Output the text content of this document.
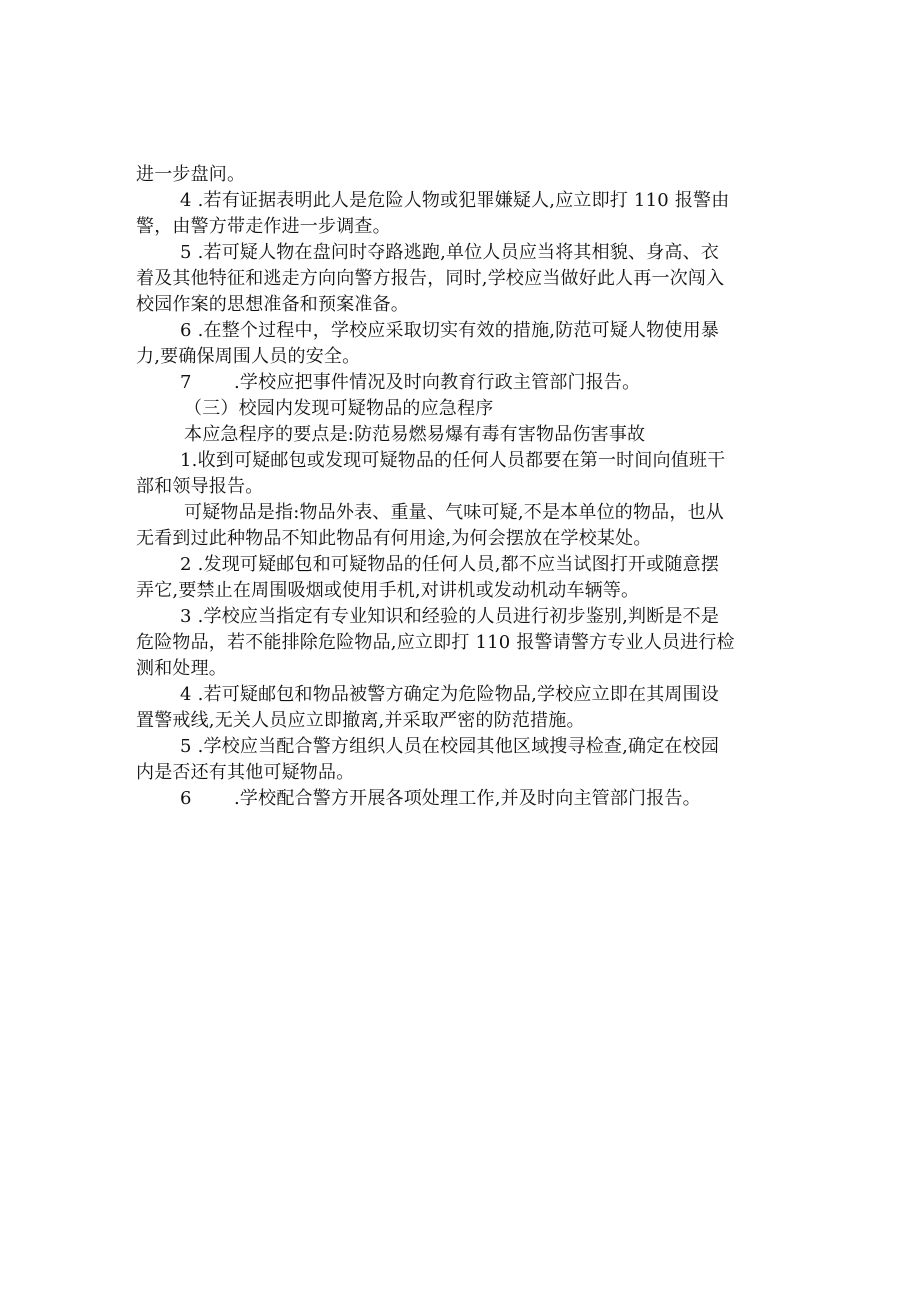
进一步盘问。

4 .若有证据表明此人是危险人物或犯罪嫌疑人,应立即打 110 报警由

警，由警方带走作进一步调查。

5 .若可疑人物在盘问时夺路逃跑,单位人员应当将其相貌、身高、衣

着及其他特征和逃走方向向警方报告，同时,学校应当做好此人再一次闯入

校园作案的思想准备和预案准备。

6 .在整个过程中，学校应采取切实有效的措施,防范可疑人物使用暴

力,要确保周围人员的安全。

7 .学校应把事件情况及时向教育行政主管部门报告。

（三）校园内发现可疑物品的应急程序

本应急程序的要点是:防范易燃易爆有毒有害物品伤害事故

1.收到可疑邮包或发现可疑物品的任何人员都要在第一时间向值班干

部和领导报告。

可疑物品是指:物品外表、重量、气味可疑,不是本单位的物品，也从

无看到过此种物品不知此物品有何用途,为何会摆放在学校某处。

2 .发现可疑邮包和可疑物品的任何人员,都不应当试图打开或随意摆

弄它,要禁止在周围吸烟或使用手机,对讲机或发动机动车辆等。

3 .学校应当指定有专业知识和经验的人员进行初步鉴别,判断是不是

危险物品，若不能排除危险物品,应立即打 110 报警请警方专业人员进行检

测和处理。

4 .若可疑邮包和物品被警方确定为危险物品,学校应立即在其周围设

置警戒线,无关人员应立即撤离,并采取严密的防范措施。

5 .学校应当配合警方组织人员在校园其他区域搜寻检查,确定在校园

内是否还有其他可疑物品。

6 .学校配合警方开展各项处理工作,并及时向主管部门报告。
